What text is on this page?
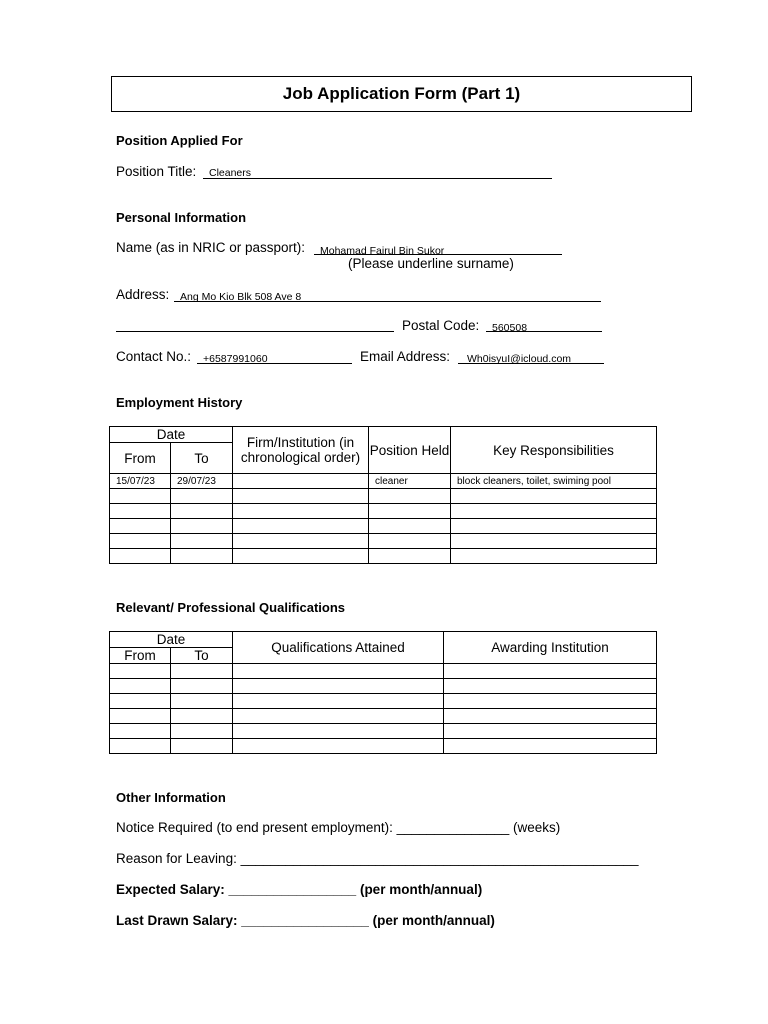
Job Application Form (Part 1)
Position Applied For
Position Title: Cleaners
Personal Information
Name (as in NRIC or passport): Mohamad Fairul Bin Sukor
(Please underline surname)
Address: Ang Mo Kio Blk 508 Ave 8
Postal Code: 560508
Contact No.: +6587991060	Email Address: Wh0isyuI@icloud.com
Employment History
Date		Firm/Institution (in chronological order)	Position Held	Key Responsibilities
From	To			
15/07/23	29/07/23		cleaner	block cleaners, toilet, swiming pool

Relevant/ Professional Qualifications
Date		Qualifications Attained	Awarding Institution
From	To		

Other Information
Notice Required (to end present employment): _______________ (weeks)
Reason for Leaving: _____________________________________________________
Expected Salary: _________________ (per month/annual)
Last Drawn Salary: _________________ (per month/annual)
